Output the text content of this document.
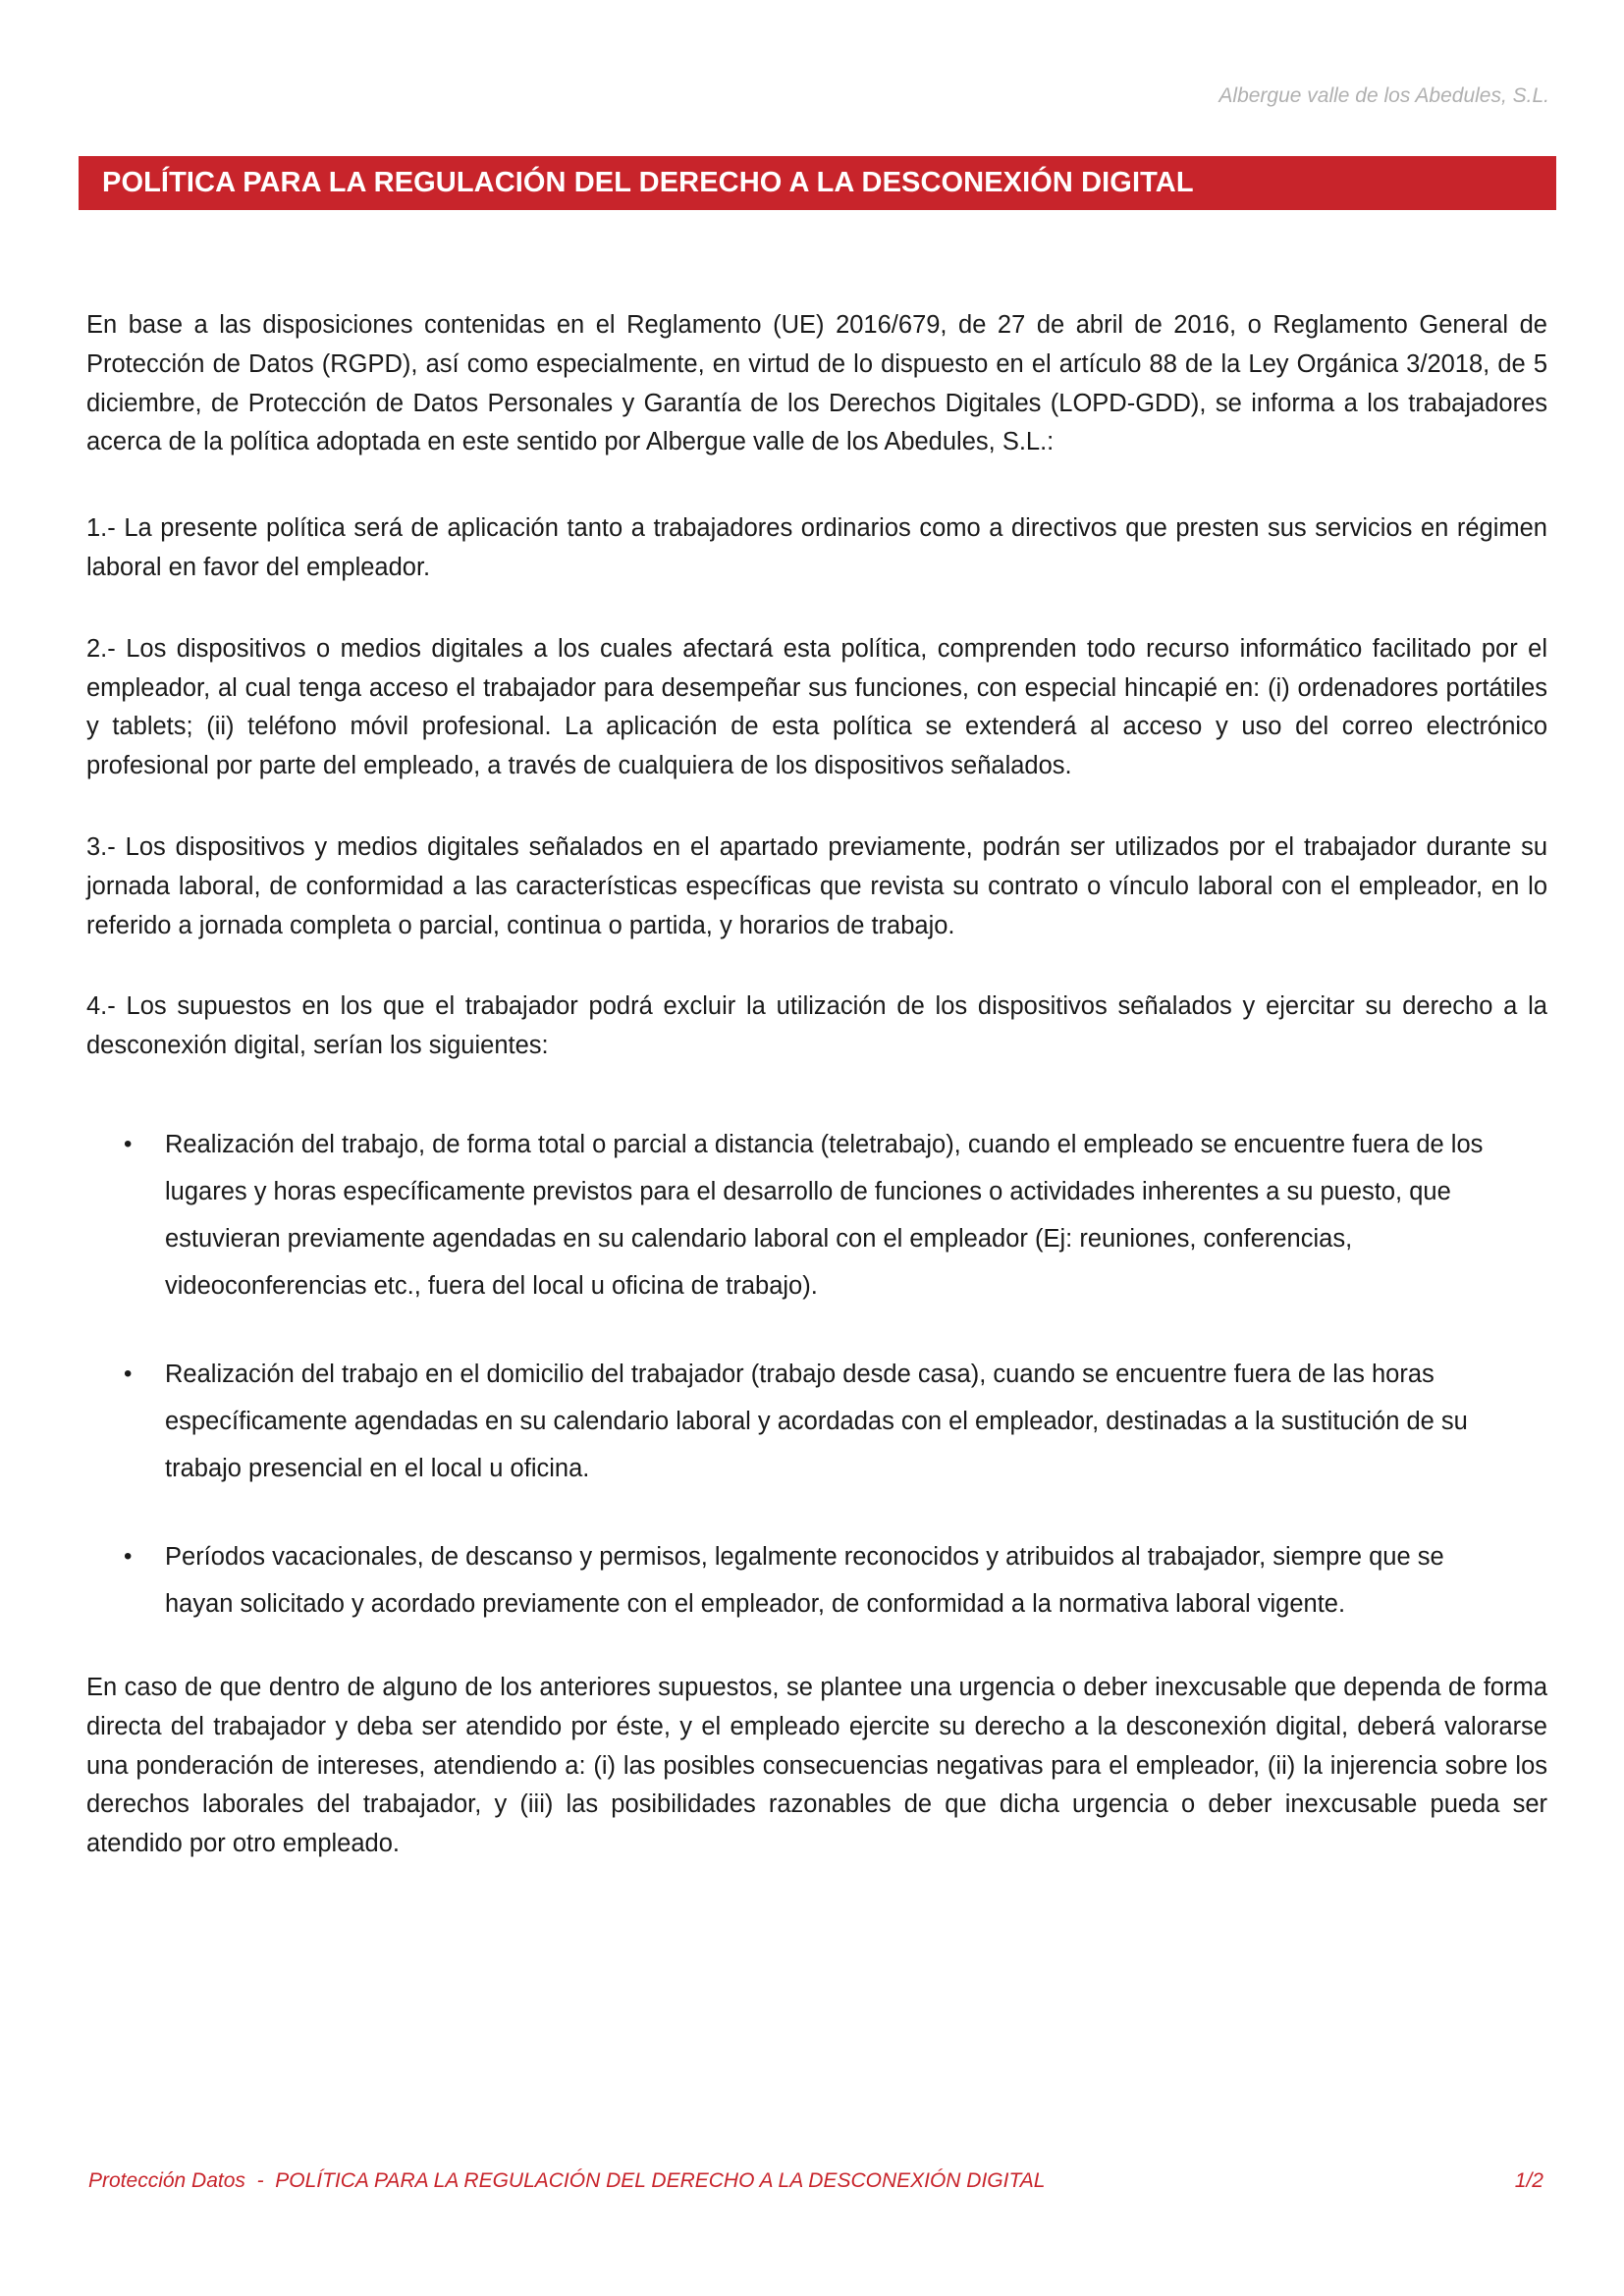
Albergue valle de los Abedules, S.L.
POLÍTICA PARA LA REGULACIÓN DEL DERECHO A LA DESCONEXIÓN DIGITAL

En base a las disposiciones contenidas en el Reglamento (UE) 2016/679, de 27 de abril de 2016, o Reglamento General de Protección de Datos (RGPD), así como especialmente, en virtud de lo dispuesto en el artículo 88 de la Ley Orgánica 3/2018, de 5 diciembre, de Protección de Datos Personales y Garantía de los Derechos Digitales (LOPD-GDD), se informa a los trabajadores acerca de la política adoptada en este sentido por Albergue valle de los Abedules, S.L.:

1.- La presente política será de aplicación tanto a trabajadores ordinarios como a directivos que presten sus servicios en régimen laboral en favor del empleador.

2.- Los dispositivos o medios digitales a los cuales afectará esta política, comprenden todo recurso informático facilitado por el empleador, al cual tenga acceso el trabajador para desempeñar sus funciones, con especial hincapié en: (i) ordenadores portátiles y tablets; (ii) teléfono móvil profesional. La aplicación de esta política se extenderá al acceso y uso del correo electrónico profesional por parte del empleado, a través de cualquiera de los dispositivos señalados.

3.- Los dispositivos y medios digitales señalados en el apartado previamente, podrán ser utilizados por el trabajador durante su jornada laboral, de conformidad a las características específicas que revista su contrato o vínculo laboral con el empleador, en lo referido a jornada completa o parcial, continua o partida, y horarios de trabajo.

4.- Los supuestos en los que el trabajador podrá excluir la utilización de los dispositivos señalados y ejercitar su derecho a la desconexión digital, serían los siguientes:

• Realización del trabajo, de forma total o parcial a distancia (teletrabajo), cuando el empleado se encuentre fuera de los lugares y horas específicamente previstos para el desarrollo de funciones o actividades inherentes a su puesto, que estuvieran previamente agendadas en su calendario laboral con el empleador (Ej: reuniones, conferencias, videoconferencias etc., fuera del local u oficina de trabajo).
• Realización del trabajo en el domicilio del trabajador (trabajo desde casa), cuando se encuentre fuera de las horas específicamente agendadas en su calendario laboral y acordadas con el empleador, destinadas a la sustitución de su trabajo presencial en el local u oficina.
• Períodos vacacionales, de descanso y permisos, legalmente reconocidos y atribuidos al trabajador, siempre que se hayan solicitado y acordado previamente con el empleador, de conformidad a la normativa laboral vigente.

En caso de que dentro de alguno de los anteriores supuestos, se plantee una urgencia o deber inexcusable que dependa de forma directa del trabajador y deba ser atendido por éste, y el empleado ejercite su derecho a la desconexión digital, deberá valorarse una ponderación de intereses, atendiendo a: (i) las posibles consecuencias negativas para el empleador, (ii) la injerencia sobre los derechos laborales del trabajador, y (iii) las posibilidades razonables de que dicha urgencia o deber inexcusable pueda ser atendido por otro empleado.

Protección Datos  -  POLÍTICA PARA LA REGULACIÓN DEL DERECHO A LA DESCONEXIÓN DIGITAL	1/2
